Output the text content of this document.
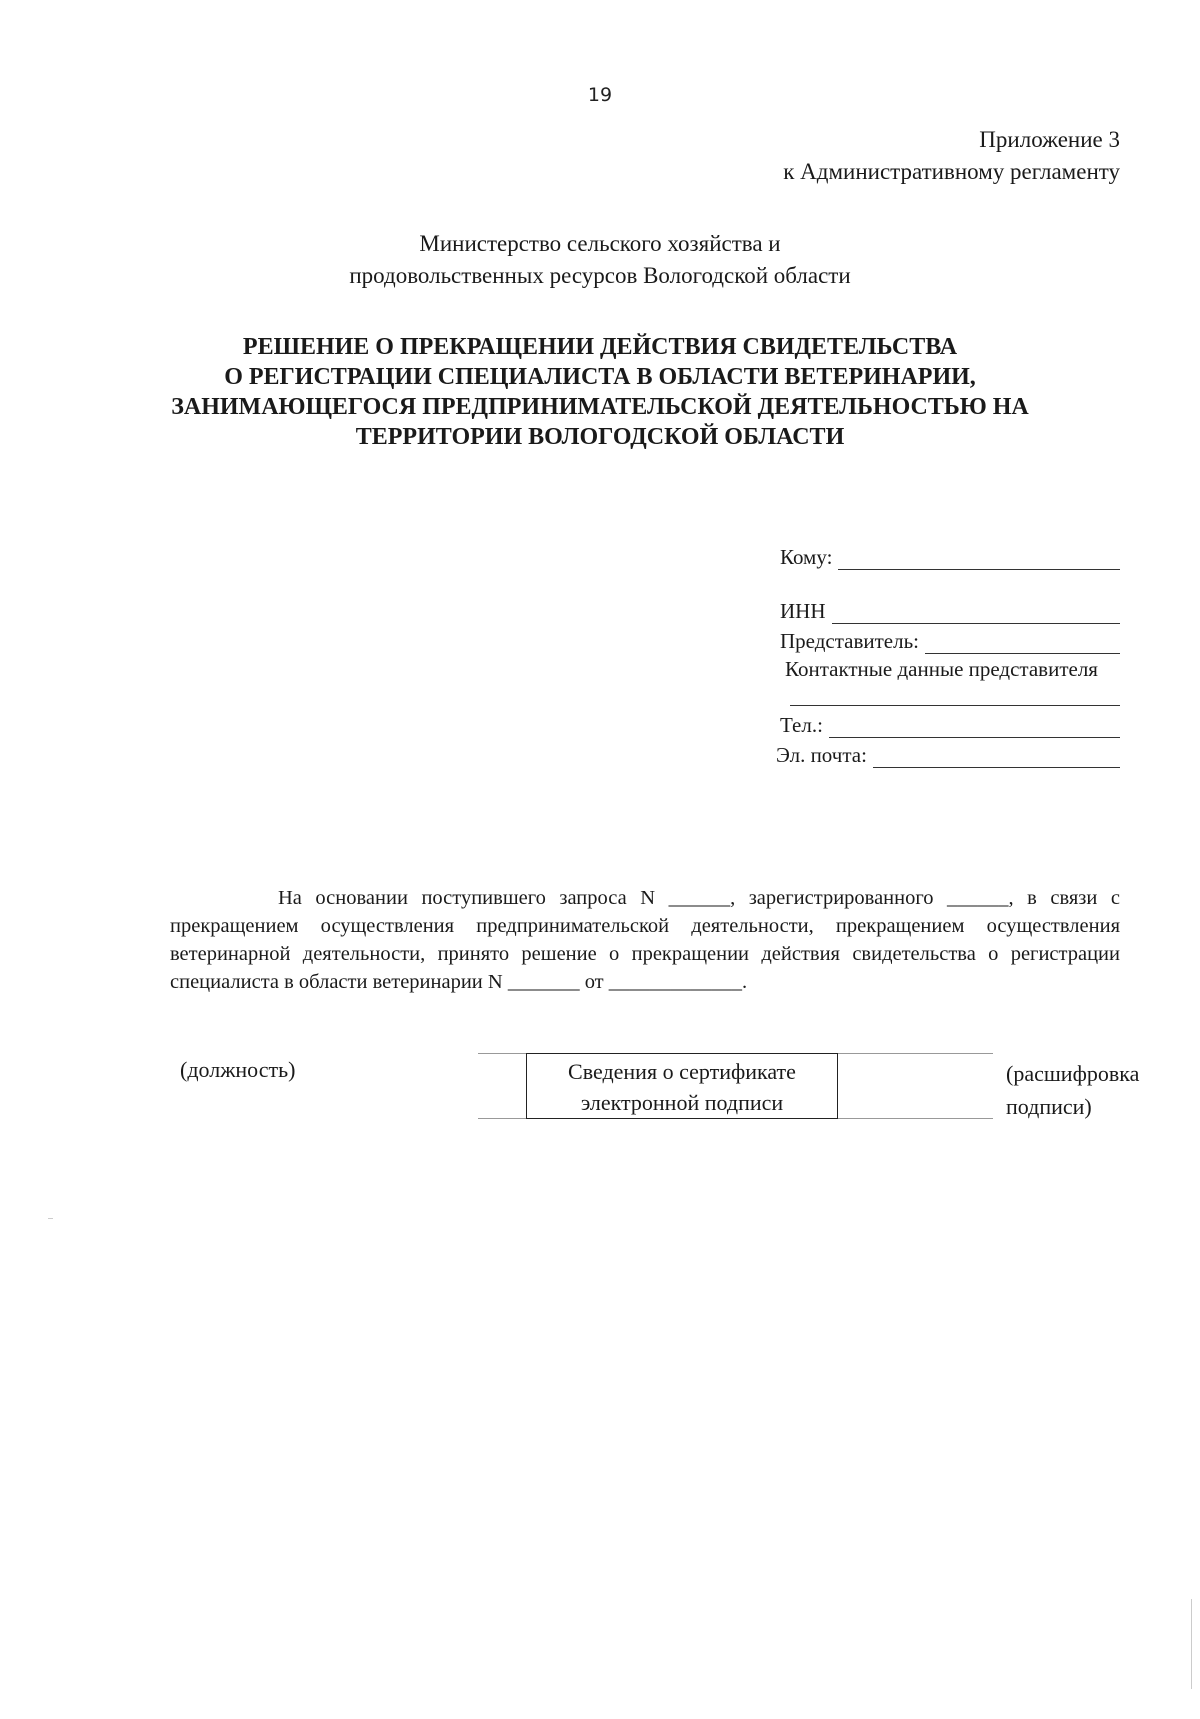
19
Приложение 3
к Административному регламенту
Министерство сельского хозяйства и
продовольственных ресурсов Вологодской области
РЕШЕНИЕ О ПРЕКРАЩЕНИИ ДЕЙСТВИЯ СВИДЕТЕЛЬСТВА
О РЕГИСТРАЦИИ СПЕЦИАЛИСТА В ОБЛАСТИ ВЕТЕРИНАРИИ,
ЗАНИМАЮЩЕГОСЯ ПРЕДПРИНИМАТЕЛЬСКОЙ ДЕЯТЕЛЬНОСТЬЮ НА
ТЕРРИТОРИИ ВОЛОГОДСКОЙ ОБЛАСТИ
Кому:
ИНН
Представитель:
Контактные данные представителя
Тел.:
Эл. почта:

На основании поступившего запроса N ______, зарегистрированного ______, в связи с прекращением осуществления предпринимательской деятельности, прекращением осуществления ветеринарной деятельности, принято решение о прекращении действия свидетельства о регистрации специалиста в области ветеринарии N _______ от _____________.

(должность)	Сведения о сертификате
электронной подписи
(расшифровка
подписи)
